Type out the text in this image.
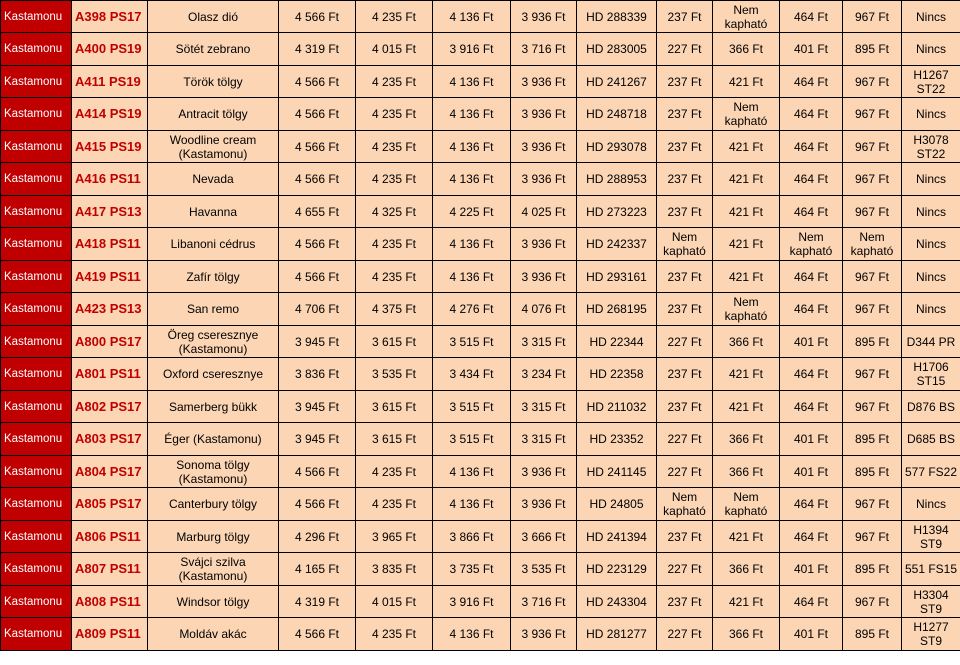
Kastamonu	A398 PS17	Olasz dió	4 566 Ft	4 235 Ft	4 136 Ft	3 936 Ft	HD 288339	237 Ft	Nem kapható	464 Ft	967 Ft	Nincs
Kastamonu	A400 PS19	Sötét zebrano	4 319 Ft	4 015 Ft	3 916 Ft	3 716 Ft	HD 283005	227 Ft	366 Ft	401 Ft	895 Ft	Nincs
Kastamonu	A411 PS19	Török tölgy	4 566 Ft	4 235 Ft	4 136 Ft	3 936 Ft	HD 241267	237 Ft	421 Ft	464 Ft	967 Ft	H1267 ST22
Kastamonu	A414 PS19	Antracit tölgy	4 566 Ft	4 235 Ft	4 136 Ft	3 936 Ft	HD 248718	237 Ft	Nem kapható	464 Ft	967 Ft	Nincs
Kastamonu	A415 PS19	Woodline cream (Kastamonu)	4 566 Ft	4 235 Ft	4 136 Ft	3 936 Ft	HD 293078	237 Ft	421 Ft	464 Ft	967 Ft	H3078 ST22
Kastamonu	A416 PS11	Nevada	4 566 Ft	4 235 Ft	4 136 Ft	3 936 Ft	HD 288953	237 Ft	421 Ft	464 Ft	967 Ft	Nincs
Kastamonu	A417 PS13	Havanna	4 655 Ft	4 325 Ft	4 225 Ft	4 025 Ft	HD 273223	237 Ft	421 Ft	464 Ft	967 Ft	Nincs
Kastamonu	A418 PS11	Libanoni cédrus	4 566 Ft	4 235 Ft	4 136 Ft	3 936 Ft	HD 242337	Nem kapható	421 Ft	Nem kapható	Nem kapható	Nincs
Kastamonu	A419 PS11	Zafír tölgy	4 566 Ft	4 235 Ft	4 136 Ft	3 936 Ft	HD 293161	237 Ft	421 Ft	464 Ft	967 Ft	Nincs
Kastamonu	A423 PS13	San remo	4 706 Ft	4 375 Ft	4 276 Ft	4 076 Ft	HD 268195	237 Ft	Nem kapható	464 Ft	967 Ft	Nincs
Kastamonu	A800 PS17	Öreg cseresznye (Kastamonu)	3 945 Ft	3 615 Ft	3 515 Ft	3 315 Ft	HD 22344	227 Ft	366 Ft	401 Ft	895 Ft	D344 PR
Kastamonu	A801 PS11	Oxford cseresznye	3 836 Ft	3 535 Ft	3 434 Ft	3 234 Ft	HD 22358	237 Ft	421 Ft	464 Ft	967 Ft	H1706 ST15
Kastamonu	A802 PS17	Samerberg bükk	3 945 Ft	3 615 Ft	3 515 Ft	3 315 Ft	HD 211032	237 Ft	421 Ft	464 Ft	967 Ft	D876 BS
Kastamonu	A803 PS17	Éger (Kastamonu)	3 945 Ft	3 615 Ft	3 515 Ft	3 315 Ft	HD 23352	227 Ft	366 Ft	401 Ft	895 Ft	D685 BS
Kastamonu	A804 PS17	Sonoma tölgy (Kastamonu)	4 566 Ft	4 235 Ft	4 136 Ft	3 936 Ft	HD 241145	227 Ft	366 Ft	401 Ft	895 Ft	577 FS22
Kastamonu	A805 PS17	Canterbury tölgy	4 566 Ft	4 235 Ft	4 136 Ft	3 936 Ft	HD 24805	Nem kapható	Nem kapható	464 Ft	967 Ft	Nincs
Kastamonu	A806 PS11	Marburg tölgy	4 296 Ft	3 965 Ft	3 866 Ft	3 666 Ft	HD 241394	237 Ft	421 Ft	464 Ft	967 Ft	H1394 ST9
Kastamonu	A807 PS11	Svájci szilva (Kastamonu)	4 165 Ft	3 835 Ft	3 735 Ft	3 535 Ft	HD 223129	227 Ft	366 Ft	401 Ft	895 Ft	551 FS15
Kastamonu	A808 PS11	Windsor tölgy	4 319 Ft	4 015 Ft	3 916 Ft	3 716 Ft	HD 243304	237 Ft	421 Ft	464 Ft	967 Ft	H3304 ST9
Kastamonu	A809 PS11	Moldáv akác	4 566 Ft	4 235 Ft	4 136 Ft	3 936 Ft	HD 281277	227 Ft	366 Ft	401 Ft	895 Ft	H1277 ST9
